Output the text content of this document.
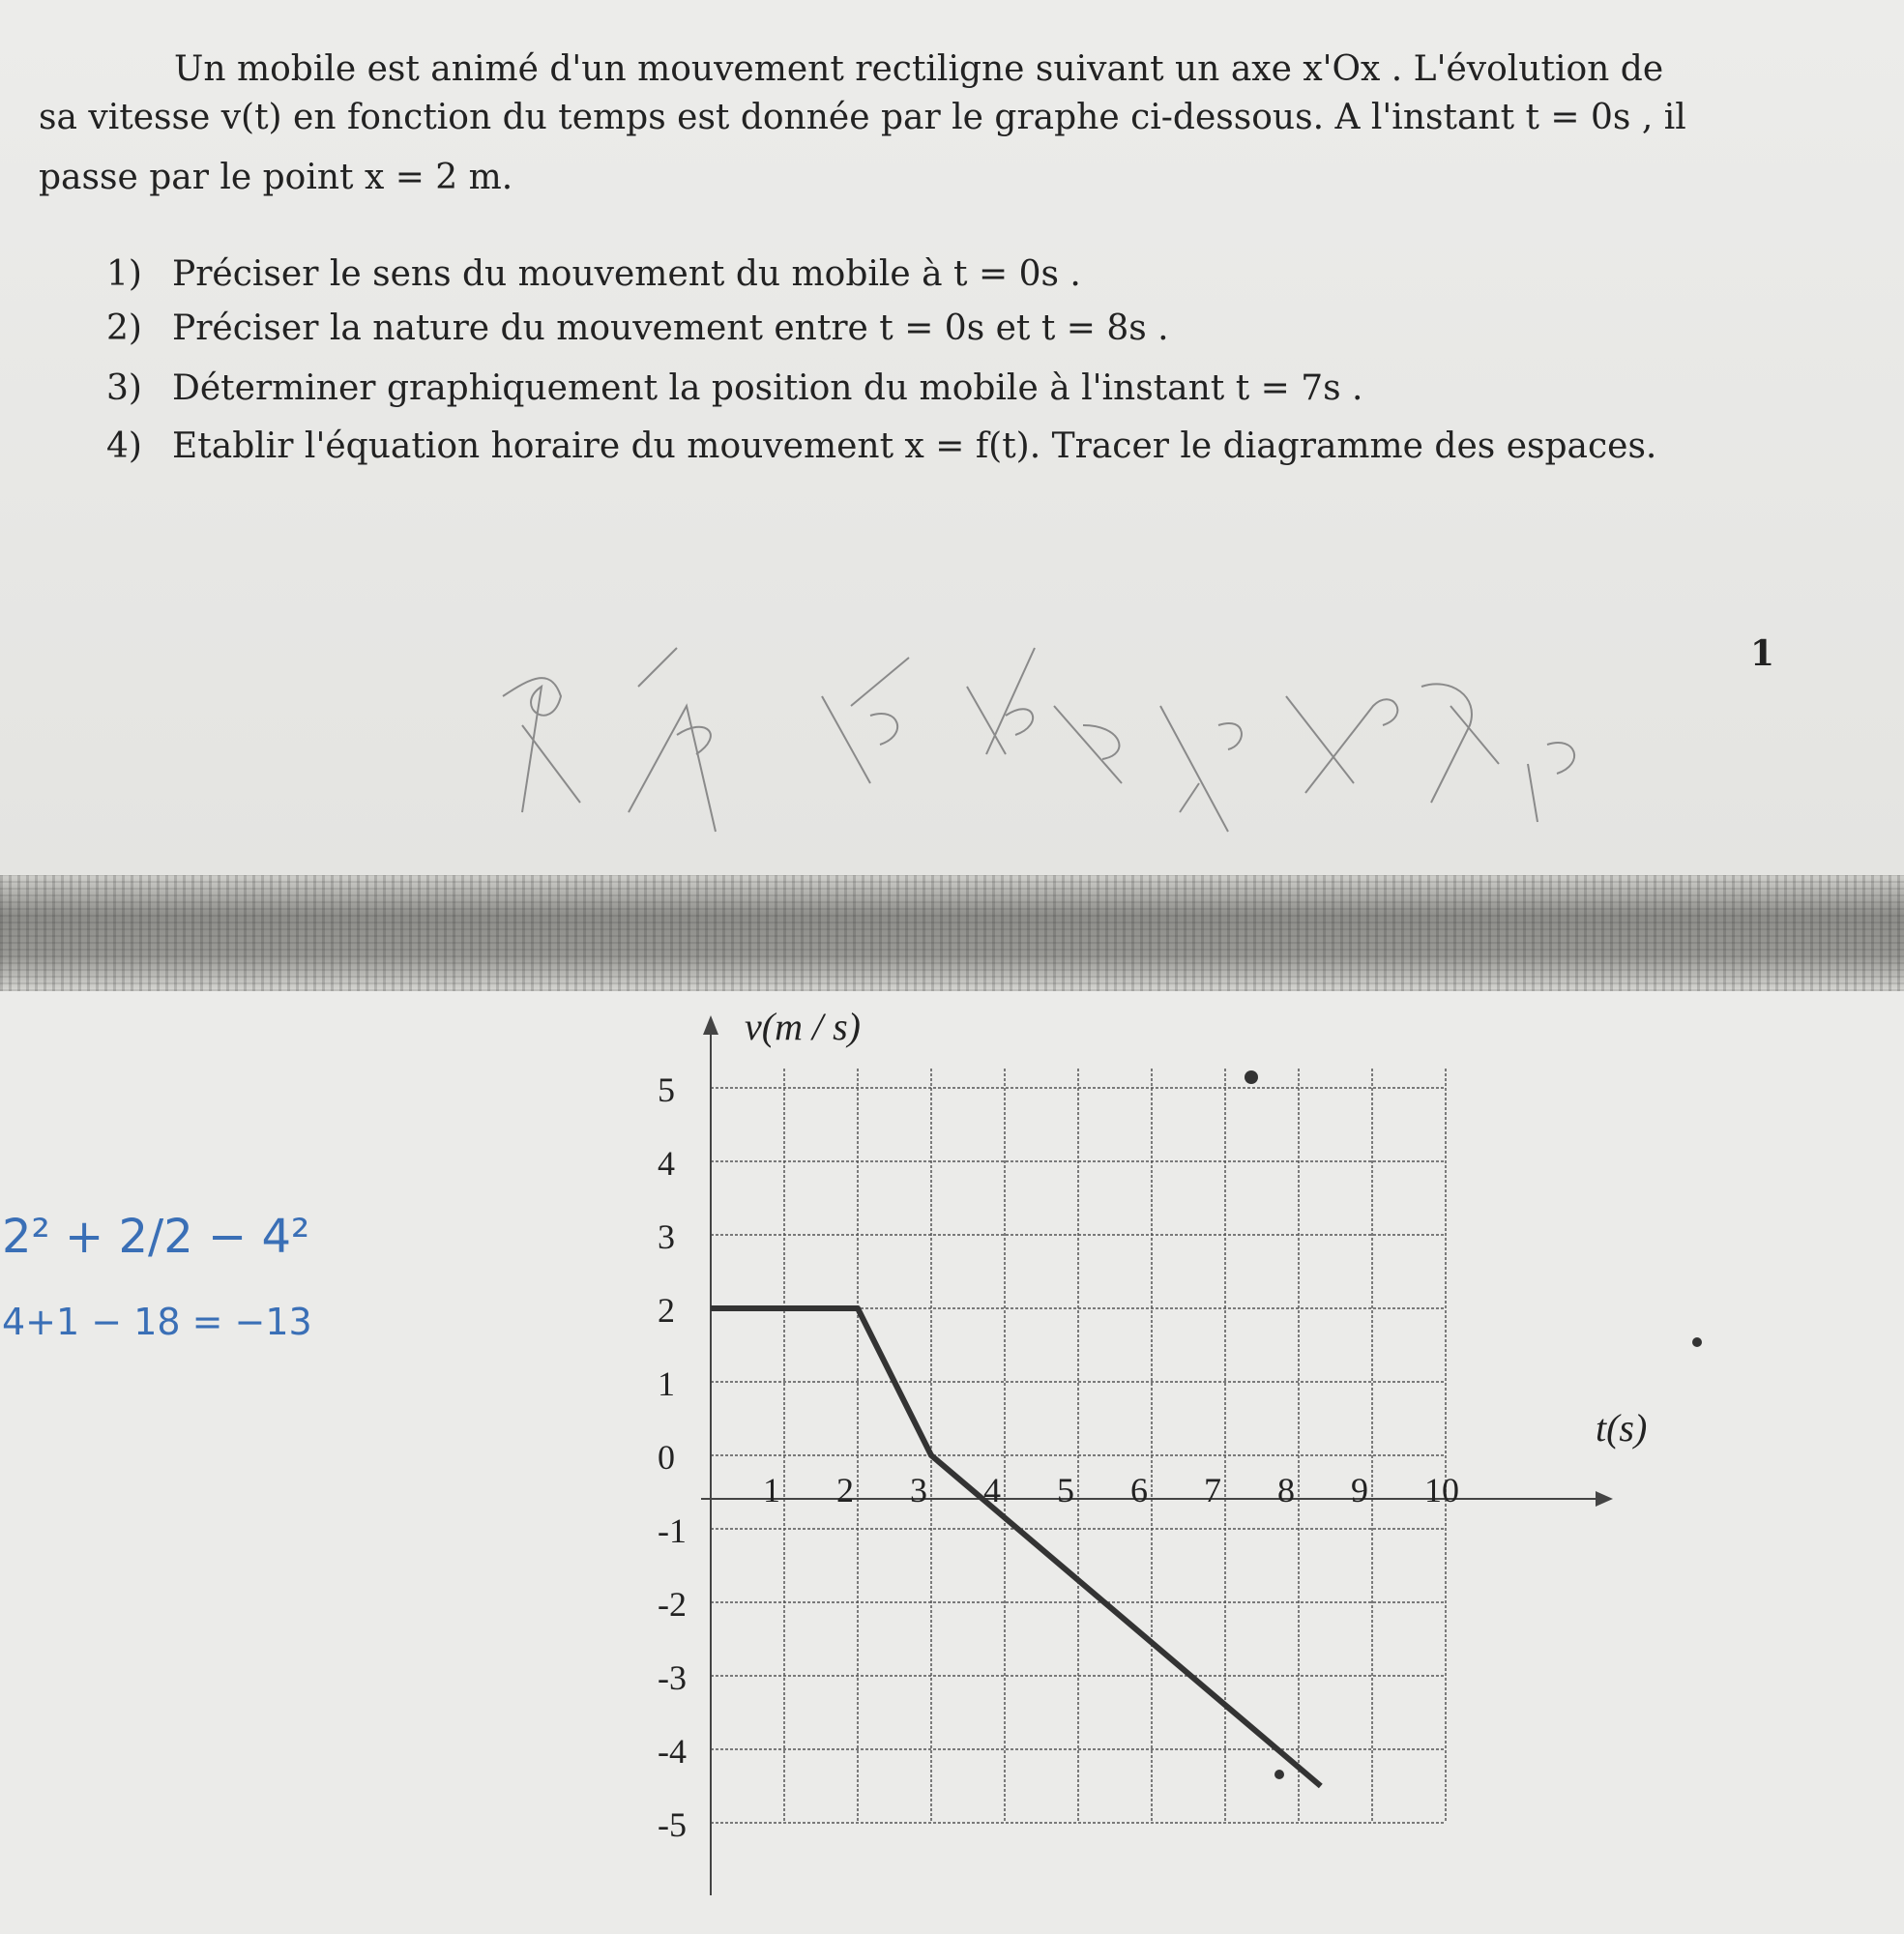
Un mobile est animé d'un mouvement rectiligne suivant un axe x'Ox . L'évolution de
sa vitesse v(t) en fonction du temps est donnée par le graphe ci-dessous. A l'instant t = 0s , il
passe par le point x = 2 m.
1) Préciser le sens du mouvement du mobile à t = 0s .
2) Préciser la nature du mouvement entre t = 0s et t = 8s .
3) Déterminer graphiquement la position du mobile à l'instant t = 7s .
4) Etablir l'équation horaire du mouvement x = f(t). Tracer le diagramme des espaces.
1
2² + 2/2 − 4²
4+1 − 18 = −13
1 2 3 4 5 6 7 8 9 10
5
4
3
2
1
0
-1
-2
-3
-4
-5
v(m / s)
t(s)
